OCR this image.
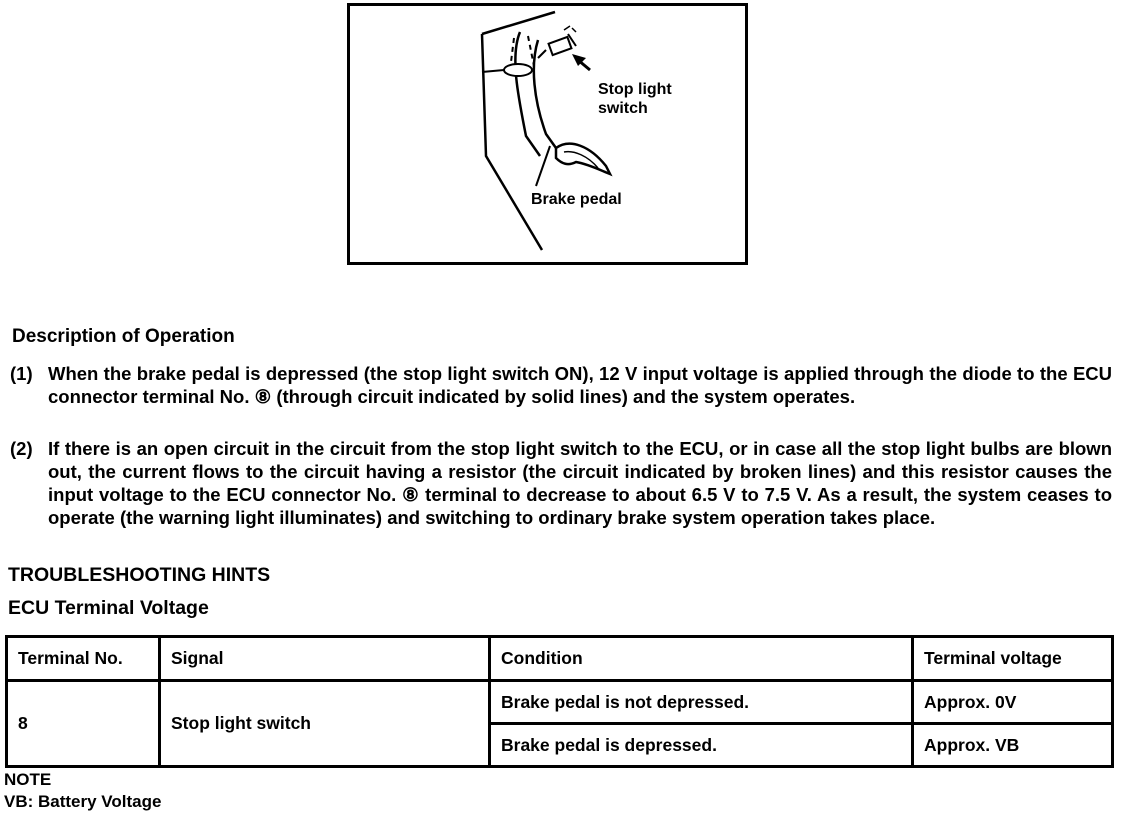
Stop light
switch
Brake pedal
Description of Operation
(1) When the brake pedal is depressed (the stop light switch ON), 12 V input voltage is applied through the diode to the ECU connector terminal No. ⑧ (through circuit indicated by solid lines) and the system operates.
(2) If there is an open circuit in the circuit from the stop light switch to the ECU, or in case all the stop light bulbs are blown out, the current flows to the circuit having a resistor (the circuit indicated by broken lines) and this resistor causes the input voltage to the ECU connector No. ⑧ terminal to decrease to about 6.5 V to 7.5 V. As a result, the system ceases to operate (the warning light illuminates) and switching to ordinary brake system operation takes place.
TROUBLESHOOTING HINTS
ECU Terminal Voltage
Terminal No.	Signal	Condition	Terminal voltage
8	Stop light switch	Brake pedal is not depressed.	Approx. 0V
		Brake pedal is depressed.	Approx. VB
NOTE
VB: Battery Voltage
